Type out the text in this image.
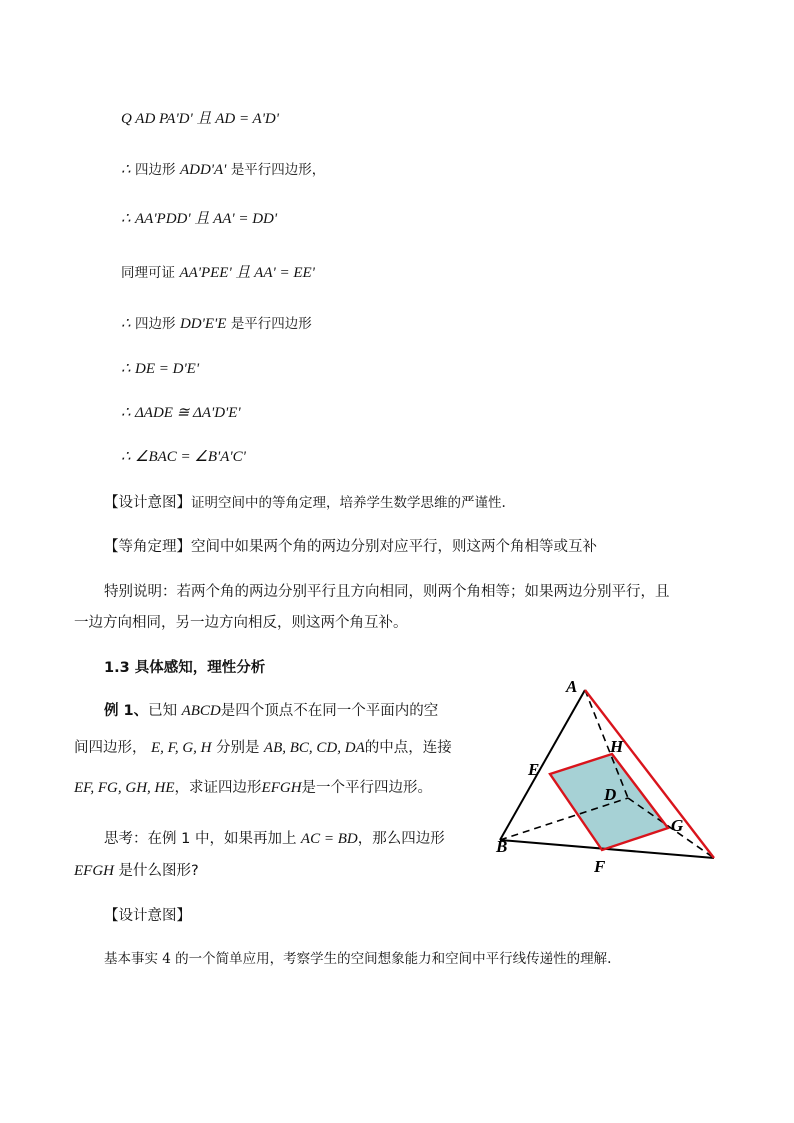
Q AD PA'D' 且 AD = A'D'
∴ 四边形 ADD'A' 是平行四边形，
∴ AA'PDD' 且 AA' = DD'
同理可证 AA'PEE' 且 AA' = EE'
∴ 四边形 DD'E'E 是平行四边形
∴ DE = D'E'
∴ ΔADE ≅ ΔA'D'E'
∴ ∠BAC = ∠B'A'C'
【设计意图】证明空间中的等角定理，培养学生数学思维的严谨性.
【等角定理】空间中如果两个角的两边分别对应平行，则这两个角相等或互补
特别说明：若两个角的两边分别平行且方向相同，则两个角相等；如果两边分别平行，且
一边方向相同，另一边方向相反，则这两个角互补。
1.3 具体感知，理性分析
例 1、已知 ABCD是四个顶点不在同一个平面内的空
间四边形， E, F, G, H 分别是 AB, BC, CD, DA的中点，连接
EF, FG, GH, HE，求证四边形EFGH是一个平行四边形。
思考：在例 1 中，如果再加上 AC = BD，那么四边形
EFGH 是什么图形?
【设计意图】
基本事实 4 的一个简单应用，考察学生的空间想象能力和空间中平行线传递性的理解.
A
H
E
D
G
B
F
